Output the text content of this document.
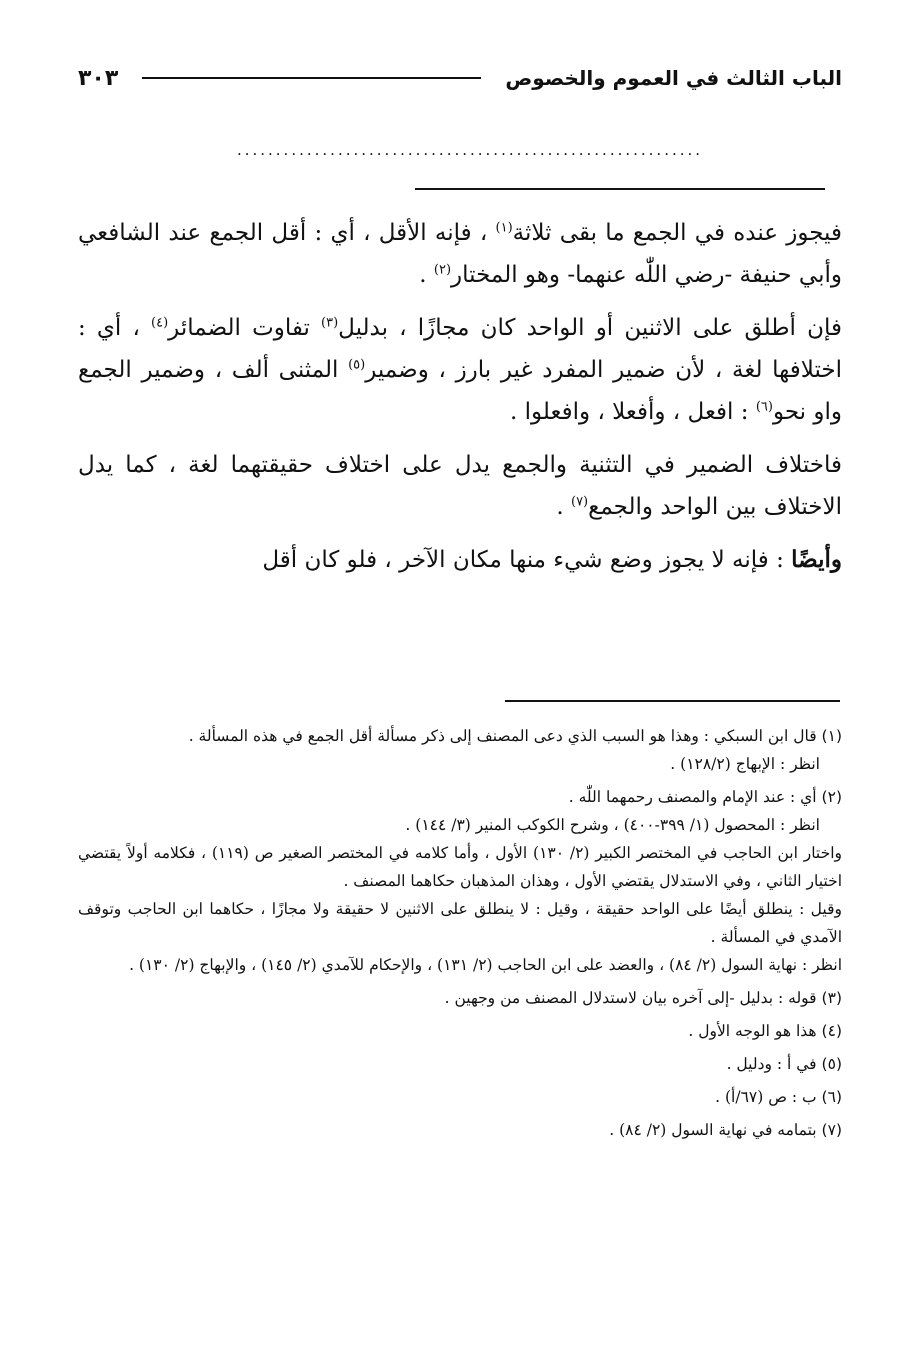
الباب الثالث في العموم والخصوص
٣٠٣
............................................................

فيجوز عنده في الجمع ما بقى ثلاثة$^{(١)}$ ، فإنه الأقل ، أي : أقل الجمع عند الشافعي وأبي حنيفة -رضي اللّٰه عنهما- وهو المختار$^{(٢)}$ .

فإن أطلق على الاثنين أو الواحد كان مجازًا ، بدليل$^{(٣)}$ تفاوت الضمائر$^{(٤)}$ ، أي : اختلافها لغة ، لأن ضمير المفرد غير بارز ، وضمير$^{(٥)}$ المثنى ألف ، وضمير الجمع واو نحو$^{(٦)}$ : افعل ، وأفعلا ، وافعلوا .

فاختلاف الضمير في التثنية والجمع يدل على اختلاف حقيقتهما لغة ، كما يدل الاختلاف بين الواحد والجمع$^{(٧)}$ .

وأيضًا : فإنه لا يجوز وضع شيء منها مكان الآخر ، فلو كان أقل

(١) قال ابن السبكي : وهذا هو السبب الذي دعى المصنف إلى ذكر مسألة أقل الجمع في هذه المسألة .
انظر : الإبهاج (١٢٨/٢) .
(٢) أي : عند الإمام والمصنف رحمهما اللّٰه .
انظر : المحصول (١/ ٣٩٩-٤٠٠) ، وشرح الكوكب المنير (٣/ ١٤٤) .
واختار ابن الحاجب في المختصر الكبير (٢/ ١٣٠) الأول ، وأما كلامه في المختصر الصغير ص (١١٩) ، فكلامه أولاً يقتضي اختيار الثاني ، وفي الاستدلال يقتضي الأول ، وهذان المذهبان حكاهما المصنف .
وقيل : ينطلق أيضًا على الواحد حقيقة ، وقيل : لا ينطلق على الاثنين لا حقيقة ولا مجازًا ، حكاهما ابن الحاجب وتوقف الآمدي في المسألة .
انظر : نهاية السول (٢/ ٨٤) ، والعضد على ابن الحاجب (٢/ ١٣١) ، والإحكام للآمدي (٢/ ١٤٥) ، والإبهاج (٢/ ١٣٠) .
(٣) قوله : بدليل -إلى آخره بيان لاستدلال المصنف من وجهين .
(٤) هذا هو الوجه الأول .
(٥) في أ : ودليل .
(٦) ب : ص (٦٧/أ) .
(٧) بتمامه في نهاية السول (٢/ ٨٤) .
